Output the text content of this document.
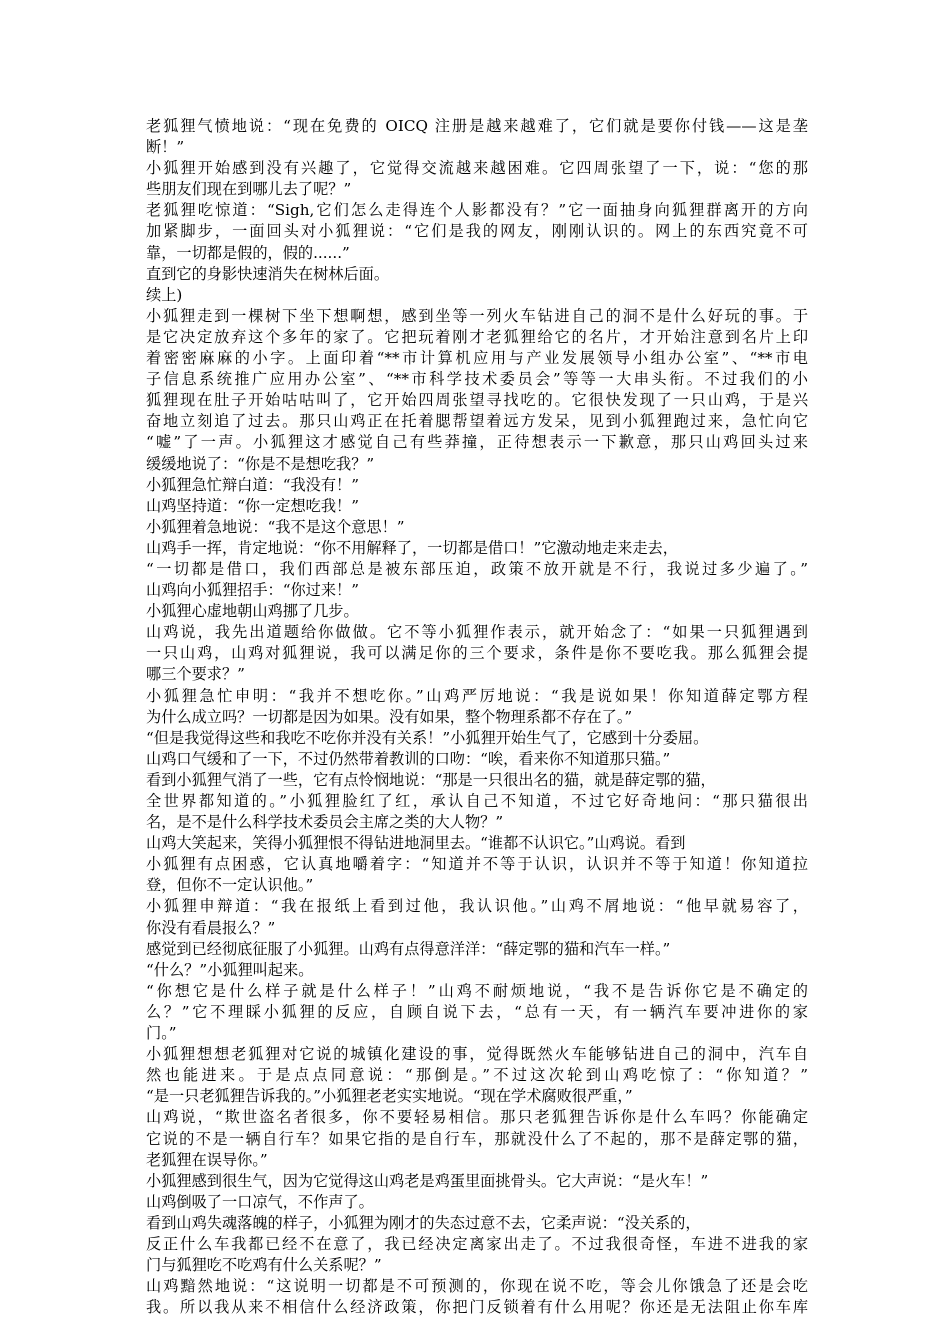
老狐狸气愤地说：“现在免费的 OICQ 注册是越来越难了，它们就是要你付钱——这是垄
断！”
小狐狸开始感到没有兴趣了，它觉得交流越来越困难。它四周张望了一下，说：“您的那
些朋友们现在到哪儿去了呢？”
老狐狸吃惊道：“Sigh,它们怎么走得连个人影都没有？”它一面抽身向狐狸群离开的方向
加紧脚步，一面回头对小狐狸说：“它们是我的网友，刚刚认识的。网上的东西究竟不可
靠，一切都是假的，假的......”
直到它的身影快速消失在树林后面。
续上)
小狐狸走到一棵树下坐下想啊想，感到坐等一列火车钻进自己的洞不是什么好玩的事。于
是它决定放弃这个多年的家了。它把玩着刚才老狐狸给它的名片，才开始注意到名片上印
着密密麻麻的小字。上面印着“**市计算机应用与产业发展领导小组办公室”、“**市电
子信息系统推广应用办公室”、“**市科学技术委员会”等等一大串头衔。不过我们的小
狐狸现在肚子开始咕咕叫了，它开始四周张望寻找吃的。它很快发现了一只山鸡，于是兴
奋地立刻追了过去。那只山鸡正在托着腮帮望着远方发呆，见到小狐狸跑过来，急忙向它
“嘘”了一声。小狐狸这才感觉自己有些莽撞，正待想表示一下歉意，那只山鸡回头过来
缓缓地说了：“你是不是想吃我？”
小狐狸急忙辩白道：“我没有！”
山鸡坚持道：“你一定想吃我！”
小狐狸着急地说：“我不是这个意思！”
山鸡手一挥，肯定地说：“你不用解释了，一切都是借口！”它激动地走来走去，
“一切都是借口，我们西部总是被东部压迫，政策不放开就是不行，我说过多少遍了。”
山鸡向小狐狸招手：“你过来！”
小狐狸心虚地朝山鸡挪了几步。
山鸡说，我先出道题给你做做。它不等小狐狸作表示，就开始念了：“如果一只狐狸遇到
一只山鸡，山鸡对狐狸说，我可以满足你的三个要求，条件是你不要吃我。那么狐狸会提
哪三个要求？”
小狐狸急忙申明：“我并不想吃你。”山鸡严厉地说：“我是说如果！你知道薛定鄂方程
为什么成立吗？一切都是因为如果。没有如果，整个物理系都不存在了。”
“但是我觉得这些和我吃不吃你并没有关系！”小狐狸开始生气了，它感到十分委屈。
山鸡口气缓和了一下，不过仍然带着教训的口吻：“唉，看来你不知道那只猫。”
看到小狐狸气消了一些，它有点怜悯地说：“那是一只很出名的猫，就是薛定鄂的猫，
全世界都知道的。”小狐狸脸红了红，承认自己不知道，不过它好奇地问：“那只猫很出
名，是不是什么科学技术委员会主席之类的大人物？”
山鸡大笑起来，笑得小狐狸恨不得钻进地洞里去。“谁都不认识它。”山鸡说。看到
小狐狸有点困惑，它认真地嚼着字：“知道并不等于认识，认识并不等于知道！你知道拉
登，但你不一定认识他。”
小狐狸申辩道：“我在报纸上看到过他，我认识他。”山鸡不屑地说：“他早就易容了，
你没有看晨报么？”
感觉到已经彻底征服了小狐狸。山鸡有点得意洋洋：“薛定鄂的猫和汽车一样。”
“什么？”小狐狸叫起来。
“你想它是什么样子就是什么样子！”山鸡不耐烦地说，“我不是告诉你它是不确定的
么？”它不理睬小狐狸的反应，自顾自说下去，“总有一天，有一辆汽车要冲进你的家
门。”
小狐狸想想老狐狸对它说的城镇化建设的事，觉得既然火车能够钻进自己的洞中，汽车自
然也能进来。于是点点同意说：“那倒是。”不过这次轮到山鸡吃惊了：“你知道？”
“是一只老狐狸告诉我的。”小狐狸老老实实地说。“现在学术腐败很严重，”
山鸡说，“欺世盗名者很多，你不要轻易相信。那只老狐狸告诉你是什么车吗？你能确定
它说的不是一辆自行车？如果它指的是自行车，那就没什么了不起的，那不是薛定鄂的猫，
老狐狸在误导你。”
小狐狸感到很生气，因为它觉得这山鸡老是鸡蛋里面挑骨头。它大声说：“是火车！”
山鸡倒吸了一口凉气，不作声了。
看到山鸡失魂落魄的样子，小狐狸为刚才的失态过意不去，它柔声说：“没关系的，
反正什么车我都已经不在意了，我已经决定离家出走了。不过我很奇怪，车进不进我的家
门与狐狸吃不吃鸡有什么关系呢？”
山鸡黯然地说：“这说明一切都是不可预测的，你现在说不吃，等会儿你饿急了还是会吃
我。所以我从来不相信什么经济政策，你把门反锁着有什么用呢？你还是无法阻止你车库
